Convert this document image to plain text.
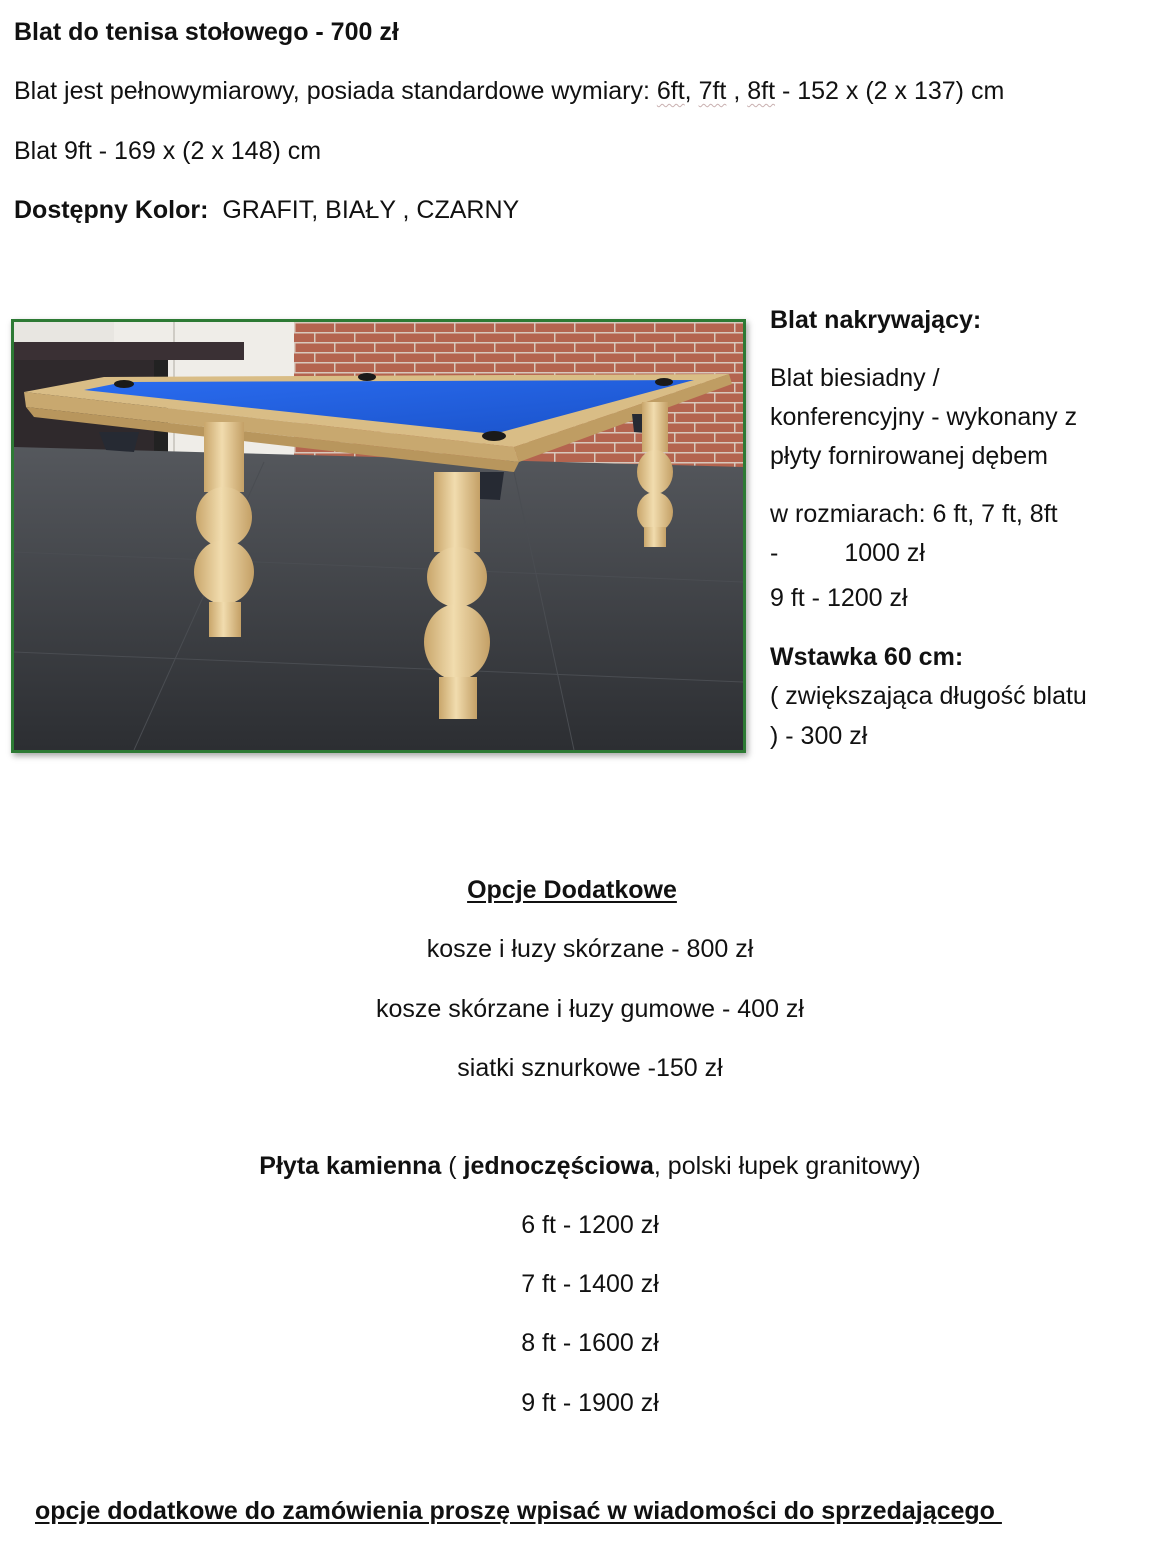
Blat do tenisa stołowego - 700 zł
Blat jest pełnowymiarowy, posiada standardowe wymiary: 6ft, 7ft , 8ft - 152 x (2 x 137) cm
Blat 9ft - 169 x (2 x 148) cm
Dostępny Kolor: GRAFIT, BIAŁY , CZARNY
Blat nakrywający:
Blat biesiadny /
konferencyjny - wykonany z
płyty fornirowanej dębem
w rozmiarach: 6 ft, 7 ft, 8ft
-	1000 zł
9 ft - 1200 zł
Wstawka 60 cm:
( zwiększająca długość blatu
) - 300 zł
Opcje Dodatkowe
kosze i łuzy skórzane - 800 zł
kosze skórzane i łuzy gumowe - 400 zł
siatki sznurkowe -150 zł
Płyta kamienna ( jednoczęściowa, polski łupek granitowy)
6 ft - 1200 zł
7 ft - 1400 zł
8 ft - 1600 zł
9 ft - 1900 zł
opcje dodatkowe do zamówienia proszę wpisać w wiadomości do sprzedającego
